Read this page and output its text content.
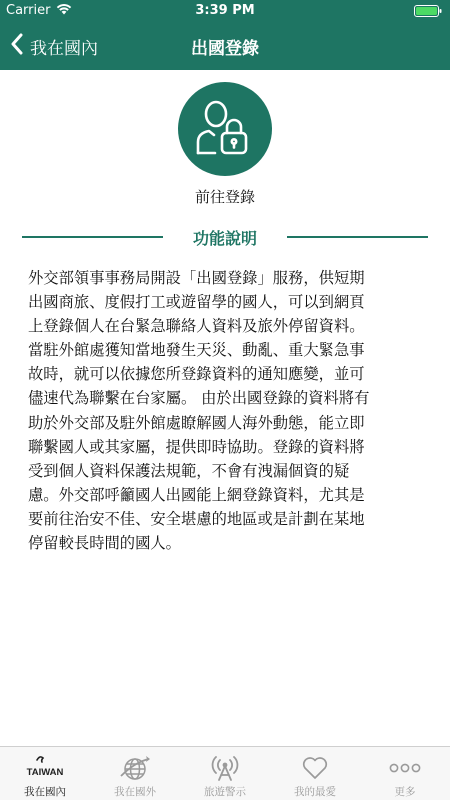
Carrier	3:39 PM
我在國內	出國登錄
前往登錄
功能說明
外交部領事事務局開設「出國登錄」服務，供短期
出國商旅、度假打工或遊留學的國人，可以到網頁
上登錄個人在台緊急聯絡人資料及旅外停留資料。
當駐外館處獲知當地發生天災、動亂、重大緊急事
故時，就可以依據您所登錄資料的通知應變，並可
儘速代為聯繫在台家屬。 由於出國登錄的資料將有
助於外交部及駐外館處瞭解國人海外動態，能立即
聯繫國人或其家屬，提供即時協助。登錄的資料將
受到個人資料保護法規範，不會有洩漏個資的疑
慮。外交部呼籲國人出國能上網登錄資料，尤其是
要前往治安不佳、安全堪慮的地區或是計劃在某地
停留較長時間的國人。
TAIWAN
我在國內	我在國外	旅遊警示	我的最愛	更多
